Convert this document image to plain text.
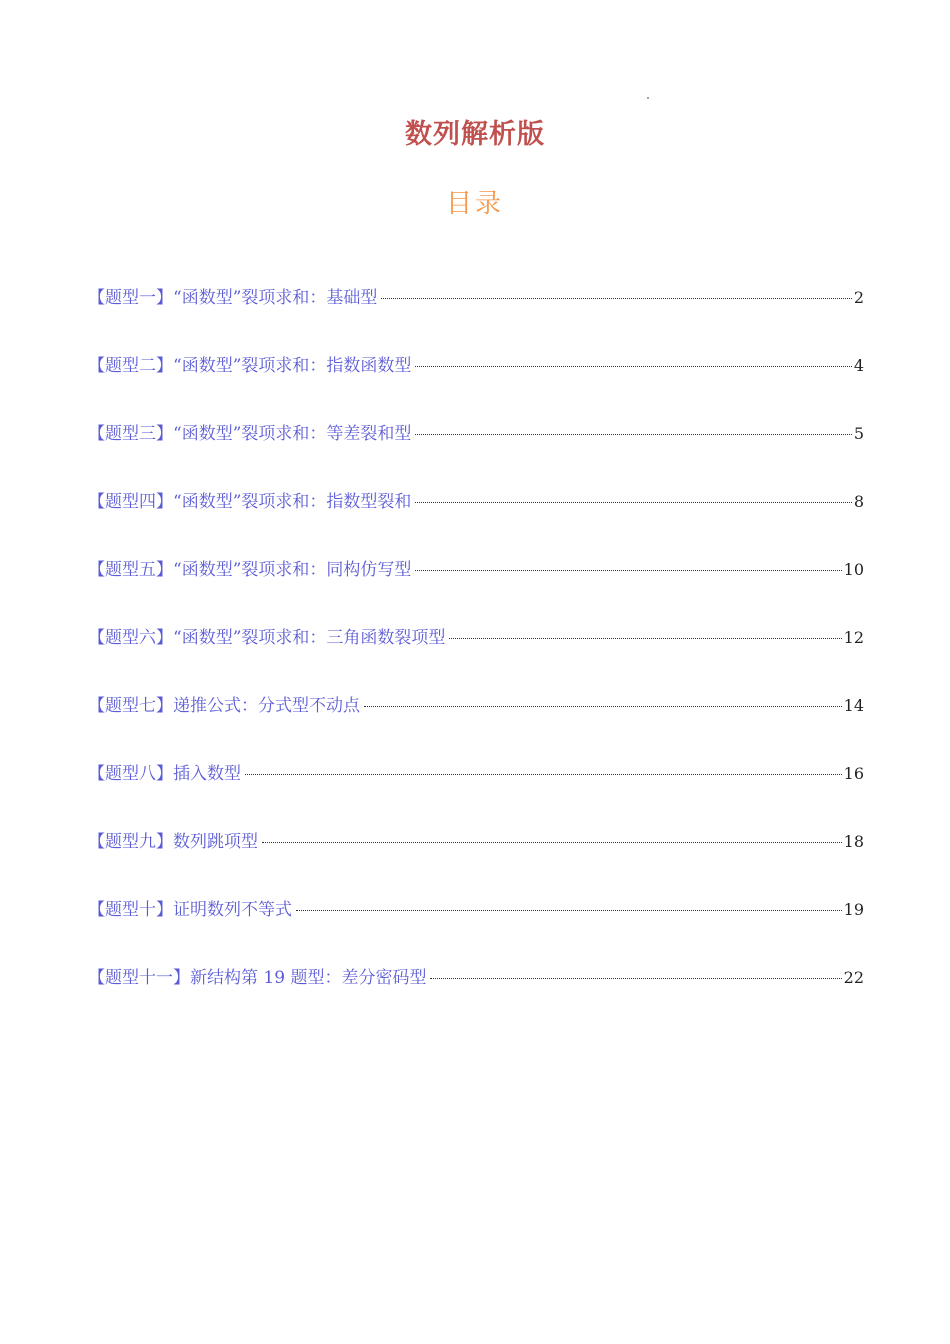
数列解析版
目录
【题型一】“函数型”裂项求和：基础型	2
【题型二】“函数型”裂项求和：指数函数型	4
【题型三】“函数型”裂项求和：等差裂和型	5
【题型四】“函数型”裂项求和：指数型裂和	8
【题型五】“函数型”裂项求和：同构仿写型	10
【题型六】“函数型”裂项求和：三角函数裂项型	12
【题型七】递推公式：分式型不动点	14
【题型八】插入数型	16
【题型九】数列跳项型	18
【题型十】证明数列不等式	19
【题型十一】新结构第 19 题型：差分密码型	22
